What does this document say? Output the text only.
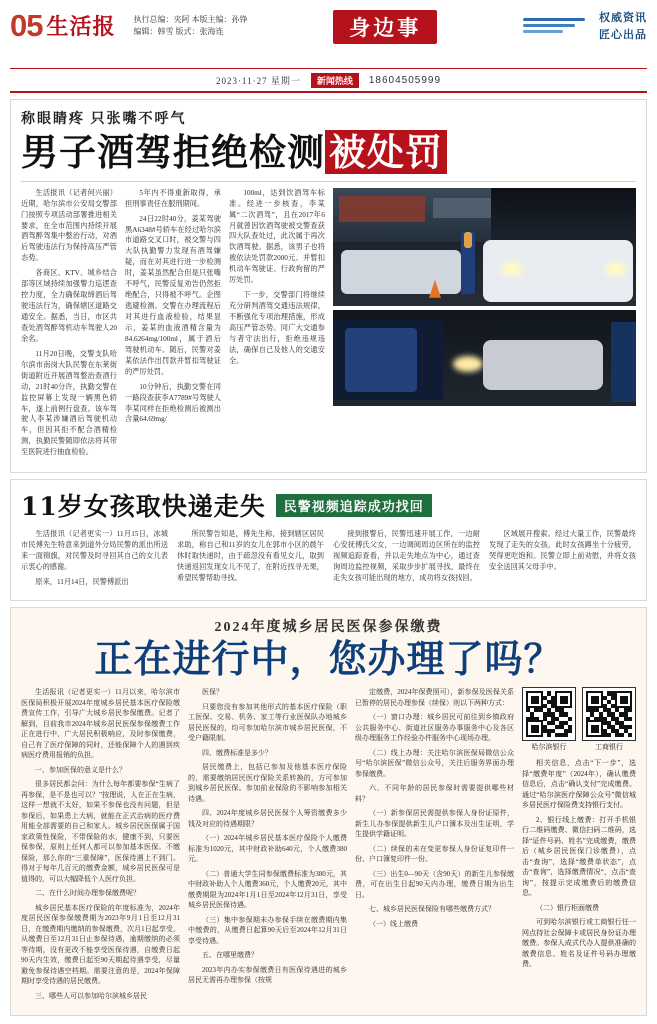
05 生活报 执行总编：夹阿 本版主编：孙铮
编辑：韩雪 版式：张海连	身边事	权威资讯
匠心出品
2023·11·27 星期一	新闻热线	18604505999
称眼睛疼 只张嘴不呼气
男子酒驾拒绝检测 被处罚

生活报讯（记者何兴丽）近期，哈尔滨市公安局交警部门按照专项活动部署推进相关要求，在全市范围内持续开展酒驾醉驾集中整治行动，对酒后驾驶违法行为保持高压严管态势。

各商区、KTV、城乡结合部等区域持续加强警力巡逻查控力度，全力确保取缔酒后驾驶违法行为，确保辖区道路交通安全。据悉，当日，市区共查处酒驾醉驾机动车驾驶人20余名。

11月20日晚，交警支队哈尔滨市南岗大队民警在东莱街街道附近开展酒驾整治查酒行动，21时40分许，执勤交警在监控屏幕上发现一辆黑色轿车，遂上前例行盘查。该车驾驶人李某涉嫌酒后驾驶机动车，但因其拒不配合酒精检测，执勤民警随即依法将其带至医院进行抽血检验。

5年内不得重新取得，承担刑事责任在服刑期间。

24日22时40分，姜某驾驶黑A6348#号轿车在经过哈尔滨市道路交叉口时，被交警与四大队执勤警力发现有酒驾嫌疑，而在对其进行进一步检测时，姜某虽然配合但是只张嘴不呼气，民警反复劝告仍然拒绝配合，只得被不呼气。企图逃避检测。交警在办理流程后对其进行血液检验，结果显示，姜某的血液酒精含量为84.6264mg/100ml，属于酒后驾驶机动车。随后，民警对姜某依法作出罚款并暂扣驾驶证的严厉处罚。

10分钟后，执勤交警在同一路段查获李A7789#号驾驶人李某同样在拒绝检测后被测出含量64.69mg/

100ml，达到饮酒驾车标准。经进一步核查，李某属“二次酒驾”，且在2017年6月就曾因饮酒驾驶被交警查获四大队查处过，此次属于再次饮酒驾驶。据悉，该男子也将被依法处罚款2000元、并暂扣机动车驾驶证、行政拘留的严厉处罚。

下一步，交警部门将继续充分研判酒驾交通违法规律，不断强化专项治理措施，形成高压严管态势。同广大交通参与者守法出行，拒绝违规违法，确保自己及他人的交通安全。

11岁女孩取快递走失	民警视频追踪成功找回

生活报讯（记者更实一）11月15日，冰城市民傅先生特意来到道外分局民警的派出所送来一面锦旗，对民警及时寻回其自己的女儿表示衷心的感谢。

原来，11月14日，民警傅派出

所民警告知是，傅先生称，接到辖区居民求助，称自己和11岁的女儿在郭市小区的晨午休时取快递时，由于疏忽没有看见女儿，取到快递返回发现女儿不见了，在附近找寻无果，希望民警帮助寻找。

接到报警后，民警迅速开展工作，一边耐心安抚傅氏父女，一边调阅周边区所在的监控视频追踪查看，并以走失地点为中心，通过查询周边监控视频，采取步步扩展寻找，最终在走失女孩可能出现的地方，成功将女孩找回。

区域展开搜索。经过大量工作，民警最终发现了走失的女孩，此时女孩蹲坐十分疲劳，哭得更吃饱和。民警立即上前劝慰，并将女孩安全送回其父母手中。

2024年度城乡居民医保参保缴费
正在进行中，您办理了吗？

生活报讯（记者更实一）11月以来，哈尔滨市医保局积极开展2024年度城乡居民基本医疗保险缴费宣传工作，引导广大城乡居民参保缴费。记者了解到，目前我市2024年城乡居民医保参保缴费工作正在进行中，广大居民积极响应，及时参保缴费，自己有了医疗保障的同时，还能保障个人的遇到疾病医疗费用报销的负担。

一、参加医保的意义是什么？

很多居民都会问：为什么每年都要参保“生病了再参保，是不是也可以？”按理说，人在正在生病，这样一想就不太好，如果不参保也没有问题，但是参保后，如果患上大病，就能在正式治病的医疗费用能全部需要的自己和家人。城乡居民医保属于国家政策性保险，不带保险的水，健康不到，只要医保参保，原则上任何人都可以参加基本医保。不缴保险，那么你的“三重保障”，医保待遇上不到门。得对于每年几百元的缴费金额，城乡居民医保可是值得的，可以大幅降低个人医疗负担。

二、在什么时间办理参保缴费呢？

城乡居民基本医疗保险的年度标准为，2024年度居民医保参保缴费期为2023年9月1日至12月31日，在缴费期内缴纳的参保缴费，次月1日起享受，从缴费日至12月31日止参保待遇，逾期缴纳的必须等待期，没有更改不能享受医保待遇，自缴费日起90天内生效，缴费日起至90天期起待遇享受，尽量避免参保待遇空档期。需要注意的是，2024年保障期时享受待遇的居民缴费。

三、哪些人可以参加哈尔滨城乡居民

医保？

只要您没有参加其他形式的基本医疗保险（职工医保、交易、机务、家工等行业医保队办地城乡居民医保的，均可参加哈尔滨市城乡居民医保，不受户籍限制。

四、缴费标准是多少？

居民缴费上，包括已参加及他基本医疗保险的，需要缴纳居民医疗保险关系转换的，方可参加到城乡居民医保。参加前业保险的不影响参加相关待遇。

四、2024年度城乡居民医保个人筹资缴费多少钱及对应的待遇期限？

（一）2024年城乡居民基本医疗保险个人缴费标准为1020元，其中财政补助640元，个人缴费380元。

（二）普通大学生同参保缴费标准为380元，其中财政补助人个人缴费360元，个人缴费20元，其中缴费期限为2024年1月1日至2024年12月31日，享受城乡居民医保待遇。

（三）集中参保期未办参保手续在缴费期内集中缴费的，从缴费日起算90天后至2024年12月31日享受待遇。

五、在哪里缴费？

2023年内办实参保缴费日有医保待遇进的城乡居民无需再办理参保（按规

定缴费，2024年保费照可），新参保及医保关系已暂停的居民办理参保（续保）则以下两种方式：

（一）窗口办理：城乡居民可前往到乡镇政府公共服务中心、街道社区服务办事服务中心及各区级办理服务工作经验办件服务中心现场办理。

（二）线上办理：关注哈尔滨医保局微信公众号“哈尔滨医保”微信公众号，关注后服务界面办理参保缴费。

六、不同年龄的居民参保时需要提供哪些材料？

（一）新参保居民需提供参保人身份证原件，新生儿办参保提供新生儿户口簿本及出生证明，学生提供学籍证明。

（二）续保的未在变更参保人身份证复印件一份、户口簿复印件一份。

（三）出生0—90天（含90天）的新生儿参保缴费，可在出生日起90天内办理，缴费日期为出生日。

七、城乡居民医保保险有哪些缴费方式？

（一）线上缴费

哈尔滨银行	工商银行

相关信息，点击“下一步”，选择“缴费年度”（2024年），确认缴费信息后，点击“确认支付”完成缴费。通过“哈尔滨医疗保障公众号”微信城乡居民医疗保险费支持银行支付。

2、银行线上缴费：打开手机银行二维码缴费、微信扫码二维码，选择“证件号码、姓名”完成缴费，缴费后（城乡居民医保门诊缴费），点击“查询”，选择“缴费单状态”，点击“查询”，选择缴费情况“，点击“查询”，按提示完成缴费后的缴费信息。

（二）银行柜面缴费

可到哈尔滨银行或工商银行任一网点持社会保障卡或居民身份证办理缴费。参保人成式代办人提供准确的缴费信息、姓名及证件号码办理缴费。
